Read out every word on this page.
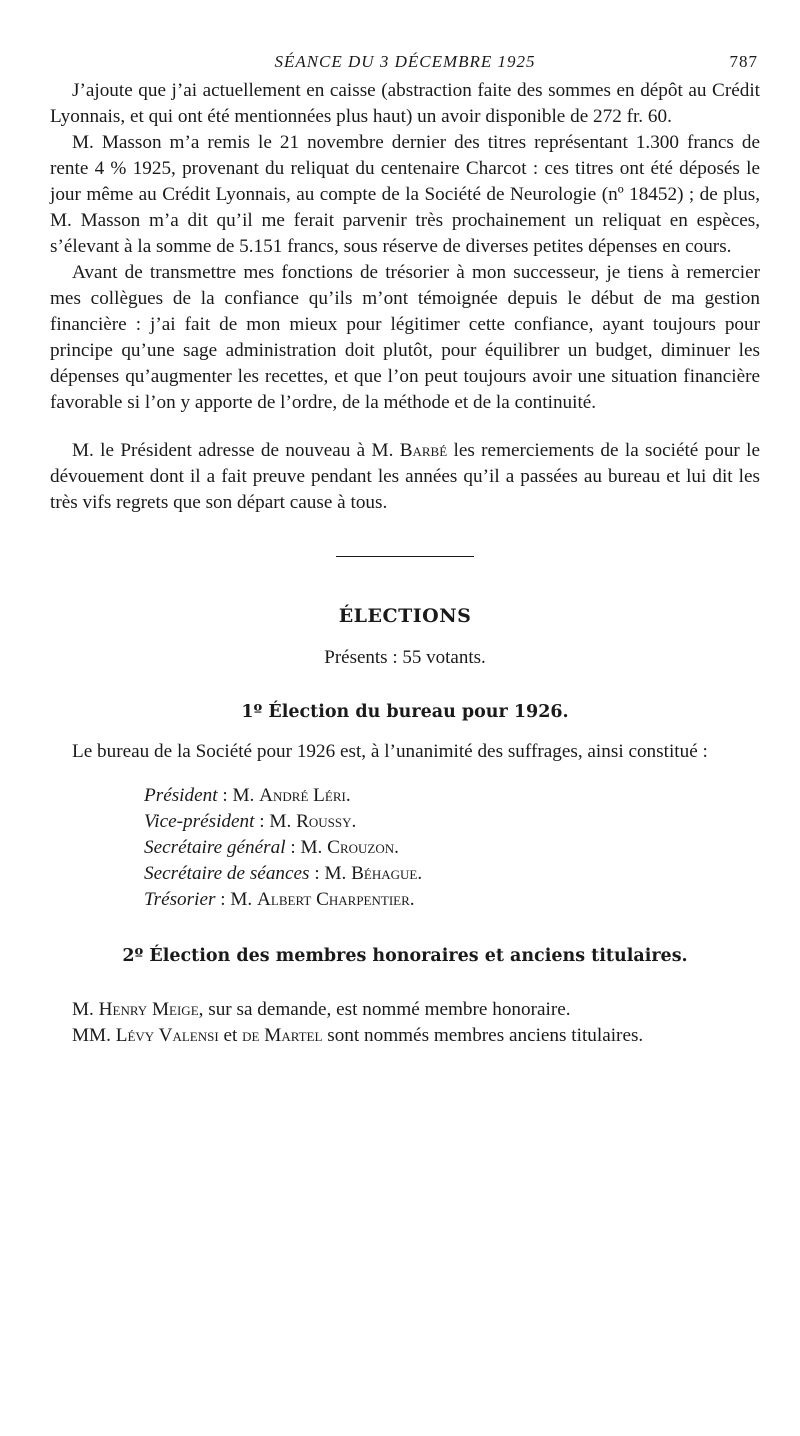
SÉANCE DU 3 DÉCEMBRE 1925	787

J’ajoute que j’ai actuellement en caisse (abstraction faite des sommes en dépôt au Crédit Lyonnais, et qui ont été mentionnées plus haut) un avoir disponible de 272 fr. 60.

M. Masson m’a remis le 21 novembre dernier des titres représentant 1.300 francs de rente 4 % 1925, provenant du reliquat du centenaire Charcot : ces titres ont été déposés le jour même au Crédit Lyonnais, au compte de la Société de Neurologie (nº 18452) ; de plus, M. Masson m’a dit qu’il me ferait parvenir très prochainement un reliquat en espèces, s’élevant à la somme de 5.151 francs, sous réserve de diverses petites dépenses en cours.

Avant de transmettre mes fonctions de trésorier à mon successeur, je tiens à remercier mes collègues de la confiance qu’ils m’ont témoignée depuis le début de ma gestion financière : j’ai fait de mon mieux pour légitimer cette confiance, ayant toujours pour principe qu’une sage administration doit plutôt, pour équilibrer un budget, diminuer les dépenses qu’augmenter les recettes, et que l’on peut toujours avoir une situation financière favorable si l’on y apporte de l’ordre, de la méthode et de la continuité.

M. le Président adresse de nouveau à M. Barbé les remerciements de la société pour le dévouement dont il a fait preuve pendant les années qu’il a passées au bureau et lui dit les très vifs regrets que son départ cause à tous.

ÉLECTIONS
Présents : 55 votants.
1º Élection du bureau pour 1926.

Le bureau de la Société pour 1926 est, à l’unanimité des suffrages, ainsi constitué :

Président : M. André Léri.
Vice-président : M. Roussy.
Secrétaire général : M. Crouzon.
Secrétaire de séances : M. Béhague.
Trésorier : M. Albert Charpentier.
2º Élection des membres honoraires et anciens titulaires.

M. Henry Meige, sur sa demande, est nommé membre honoraire.

MM. Lévy Valensi et de Martel sont nommés membres anciens titulaires.
